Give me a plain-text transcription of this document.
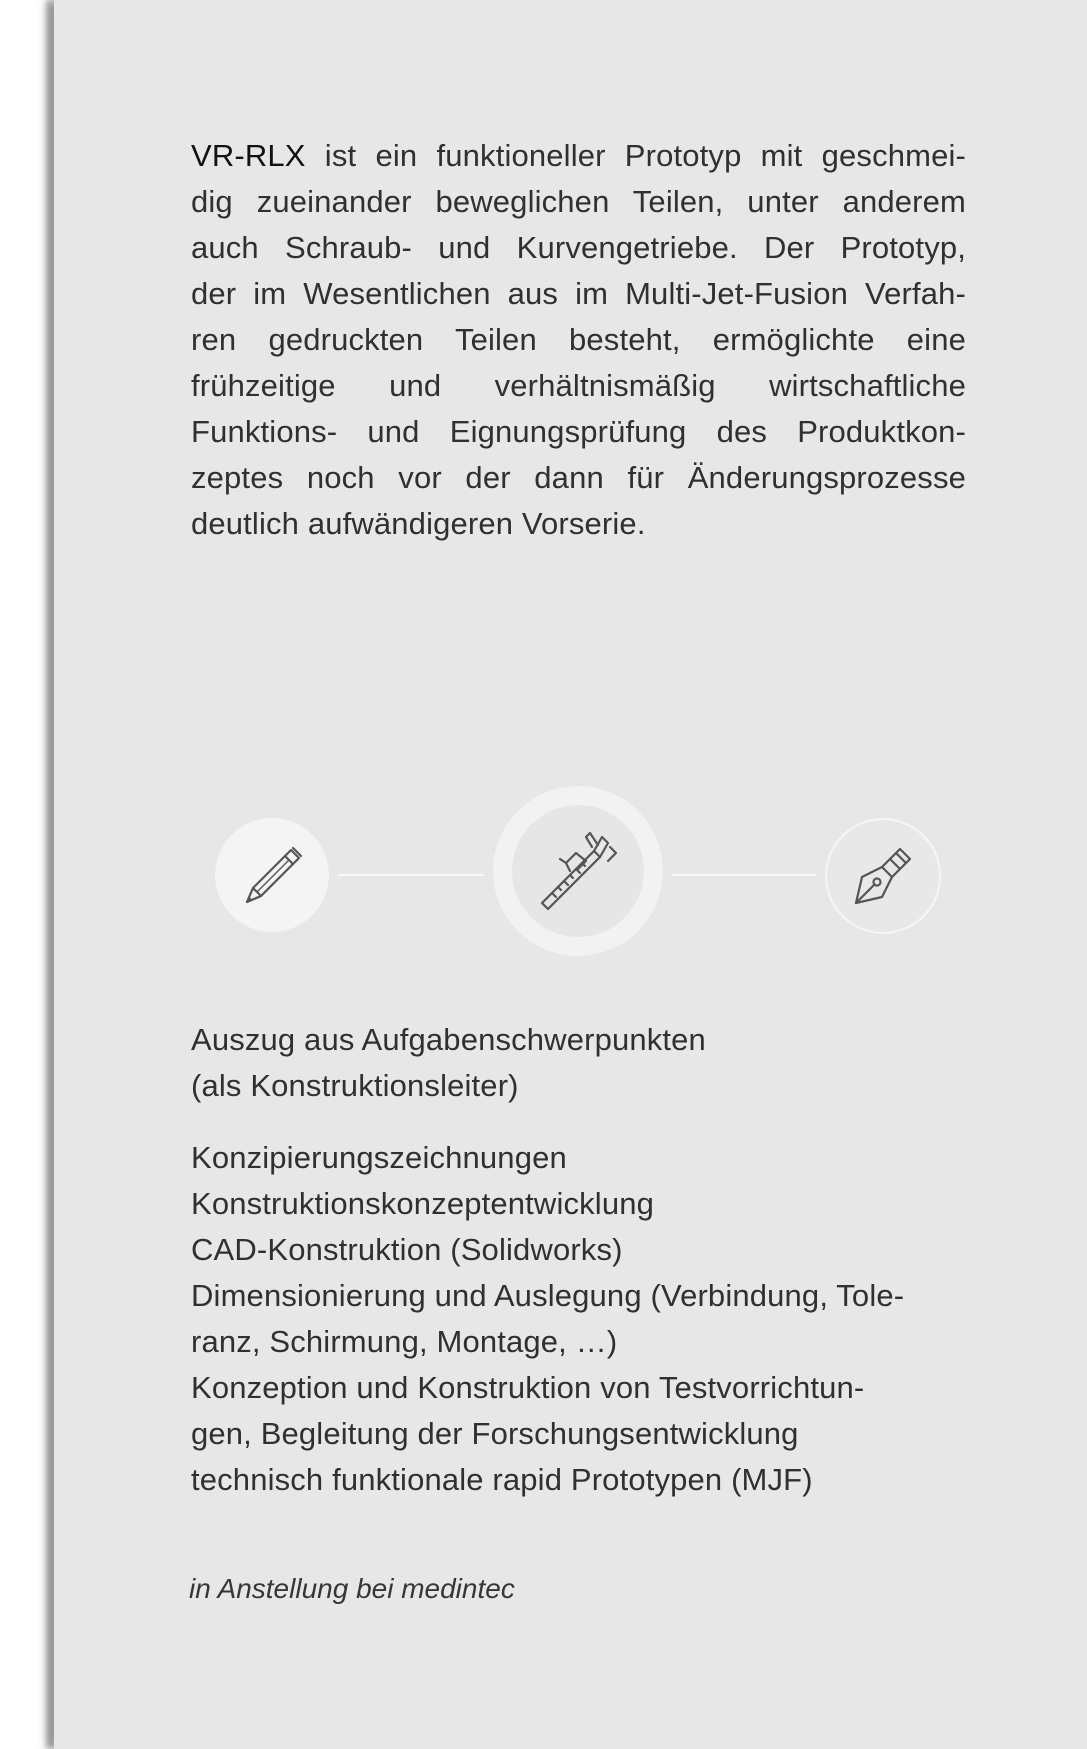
VR-RLX ist ein funktioneller Prototyp mit geschmei-
dig zueinander beweglichen Teilen, unter anderem
auch Schraub- und Kurvengetriebe. Der Prototyp,
der im Wesentlichen aus im Multi-Jet-Fusion Verfah-
ren gedruckten Teilen besteht, ermöglichte eine
frühzeitige und verhältnismäßig wirtschaftliche
Funktions- und Eignungsprüfung des Produktkon-
zeptes noch vor der dann für Änderungsprozesse
deutlich aufwändigeren Vorserie.
Auszug aus Aufgabenschwerpunkten
(als Konstruktionsleiter)
Konzipierungszeichnungen
Konstruktionskonzeptentwicklung
CAD-Konstruktion (Solidworks)
Dimensionierung und Auslegung (Verbindung, Tole-
ranz, Schirmung, Montage, …)
Konzeption und Konstruktion von Testvorrichtun-
gen, Begleitung der Forschungsentwicklung
technisch funktionale rapid Prototypen (MJF)
in Anstellung bei medintec
